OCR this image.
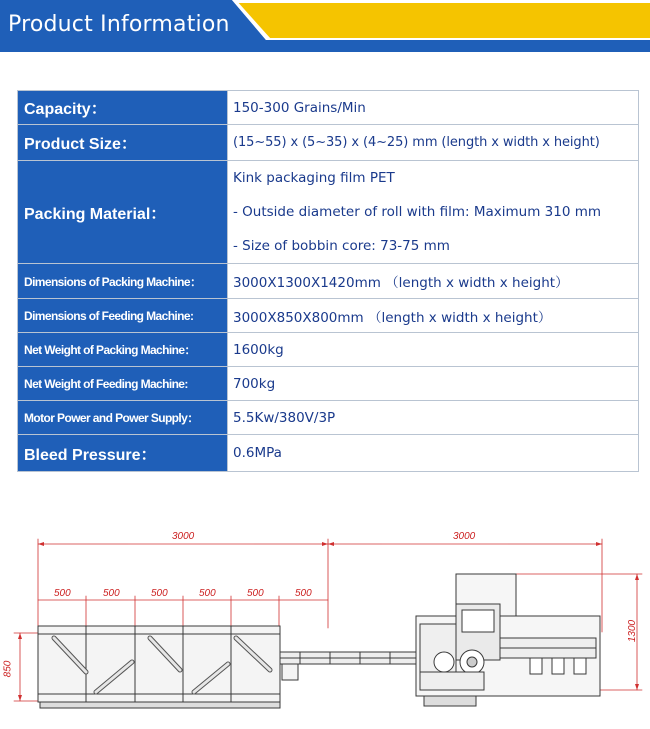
Product Information
Capacity：	150-300 Grains/Min
Product Size：	(15~55) x (5~35) x (4~25) mm (length x width x height)
Packing Material：	Kink packaging film PET
- Outside diameter of roll with film: Maximum 310 mm
- Size of bobbin core: 73-75 mm

Dimensions of Packing Machine：	3000X1300X1420mm （length x width x height）
Dimensions of Feeding Machine:	3000X850X800mm （length x width x height）
Net Weight of Packing Machine：	1600kg
Net Weight of Feeding Machine:	700kg
Motor Power and Power Supply：	5.5Kw/380V/3P
Bleed Pressure：	0.6MPa
3000	3000
500	500	500	500	500	500
850
1300
